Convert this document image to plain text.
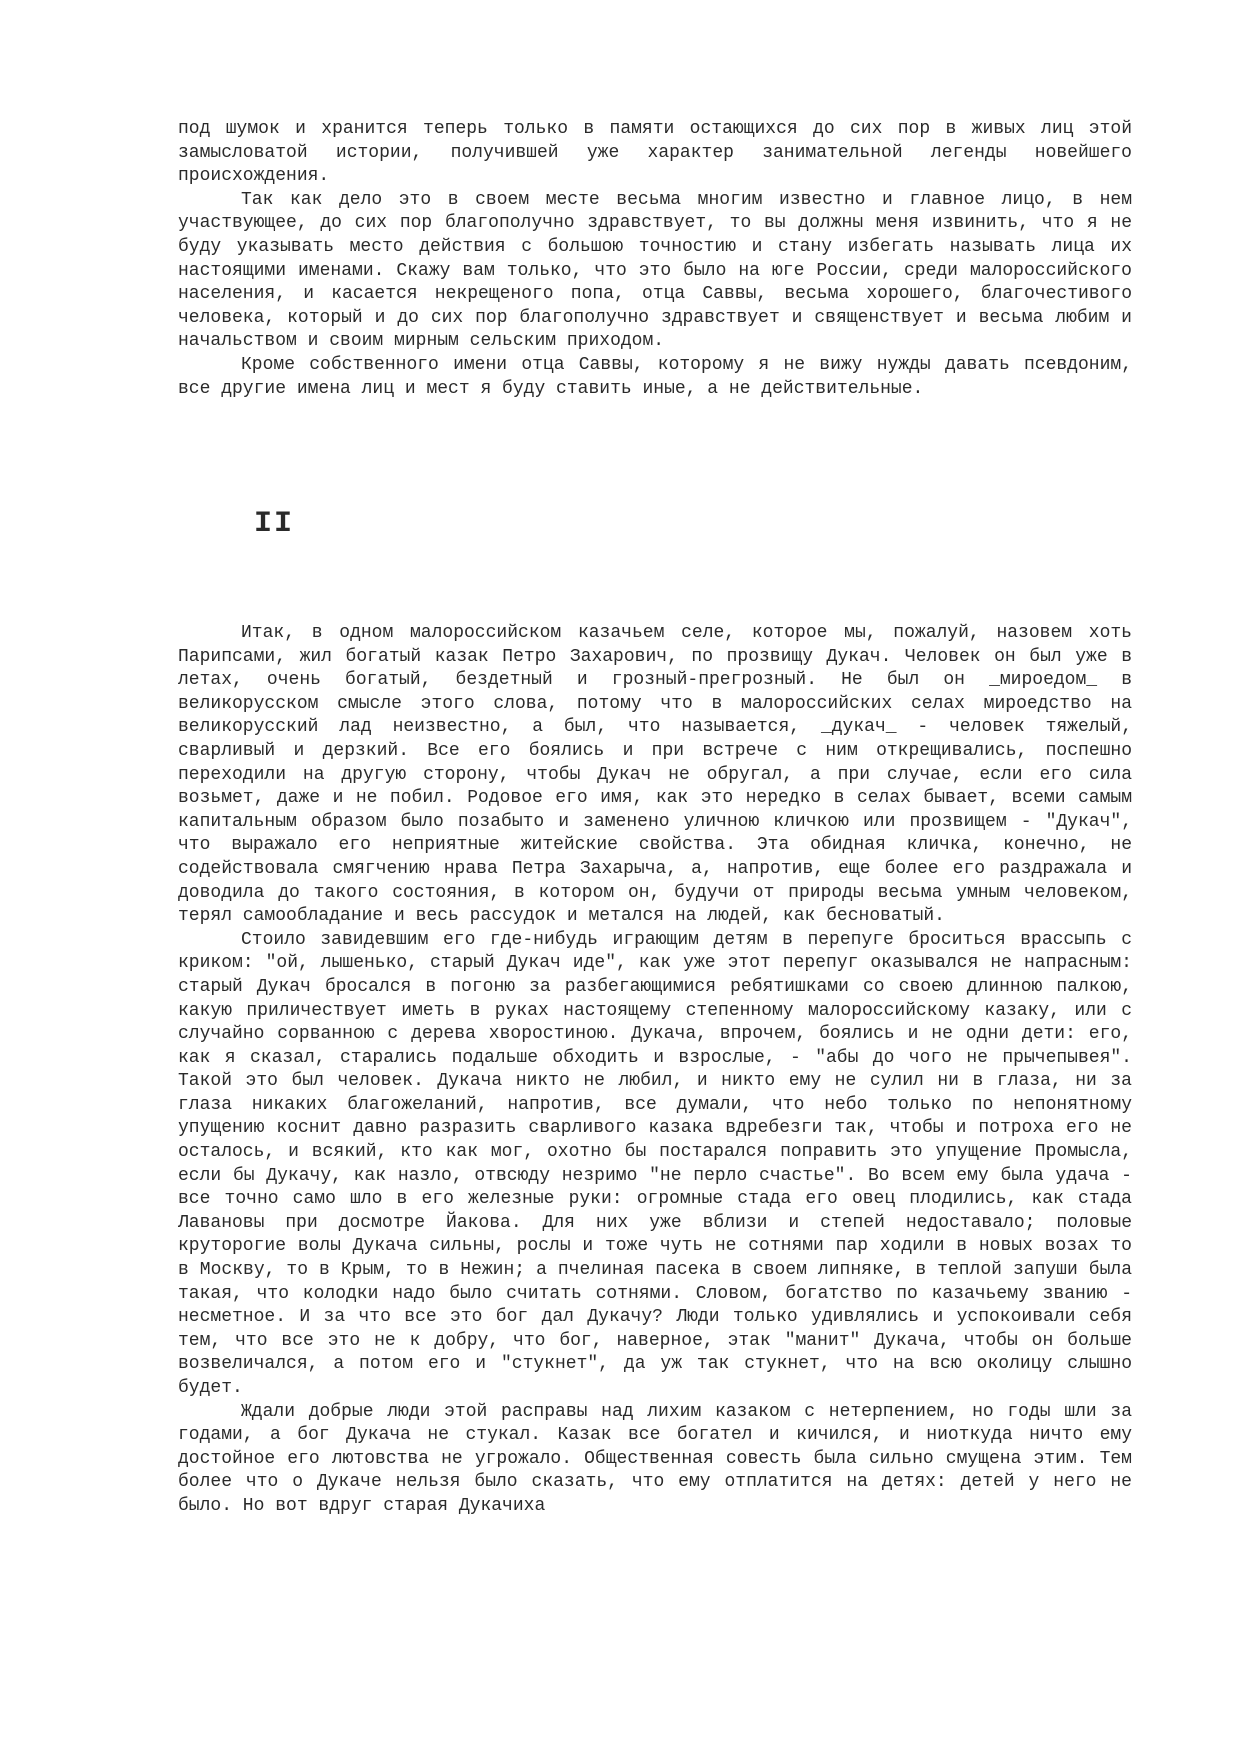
под шумок и хранится теперь только в памяти остающихся до сих пор в живых лиц этой замысловатой истории, получившей уже характер занимательной легенды новейшего происхождения.

Так как дело это в своем месте весьма многим известно и главное лицо, в нем участвующее, до сих пор благополучно здравствует, то вы должны меня извинить, что я не буду указывать место действия с большою точностию и стану избегать называть лица их настоящими именами. Скажу вам только, что это было на юге России, среди малороссийского населения, и касается некрещеного попа, отца Саввы, весьма хорошего, благочестивого человека, который и до сих пор благополучно здравствует и священствует и весьма любим и начальством и своим мирным сельским приходом.

Кроме собственного имени отца Саввы, которому я не вижу нужды давать псевдоним, все другие имена лиц и мест я буду ставить иные, а не действительные.

II

Итак, в одном малороссийском казачьем селе, которое мы, пожалуй, назовем хоть Парипсами, жил богатый казак Петро Захарович, по прозвищу Дукач. Человек он был уже в летах, очень богатый, бездетный и грозный-прегрозный. Не был он _мироедом_ в великорусском смысле этого слова, потому что в малороссийских селах мироедство на великорусский лад неизвестно, а был, что называется, _дукач_ - человек тяжелый, сварливый и дерзкий. Все его боялись и при встрече с ним открещивались, поспешно переходили на другую сторону, чтобы Дукач не обругал, а при случае, если его сила возьмет, даже и не побил. Родовое его имя, как это нередко в селах бывает, всеми самым капитальным образом было позабыто и заменено уличною кличкою или прозвищем - "Дукач", что выражало его неприятные житейские свойства. Эта обидная кличка, конечно, не содействовала смягчению нрава Петра Захарыча, а, напротив, еще более его раздражала и доводила до такого состояния, в котором он, будучи от природы весьма умным человеком, терял самообладание и весь рассудок и метался на людей, как бесноватый.

Стоило завидевшим его где-нибудь играющим детям в перепуге броситься врассыпь с криком: "ой, лышенько, старый Дукач иде", как уже этот перепуг оказывался не напрасным: старый Дукач бросался в погоню за разбегающимися ребятишками со своею длинною палкою, какую приличествует иметь в руках настоящему степенному малороссийскому казаку, или с случайно сорванною с дерева хворостиною. Дукача, впрочем, боялись и не одни дети: его, как я сказал, старались подальше обходить и взрослые, - "абы до чого не прычепывея". Такой это был человек. Дукача никто не любил, и никто ему не сулил ни в глаза, ни за глаза никаких благожеланий, напротив, все думали, что небо только по непонятному упущению коснит давно разразить сварливого казака вдребезги так, чтобы и потроха его не осталось, и всякий, кто как мог, охотно бы постарался поправить это упущение Промысла, если бы Дукачу, как назло, отвсюду незримо "не перло счастье". Во всем ему была удача - все точно само шло в его железные руки: огромные стада его овец плодились, как стада Лавановы при досмотре Йакова. Для них уже вблизи и степей недоставало; половые круторогие волы Дукача сильны, рослы и тоже чуть не сотнями пар ходили в новых возах то в Москву, то в Крым, то в Нежин; а пчелиная пасека в своем липняке, в теплой запуши была такая, что колодки надо было считать сотнями. Словом, богатство по казачьему званию - несметное. И за что все это бог дал Дукачу? Люди только удивлялись и успокоивали себя тем, что все это не к добру, что бог, наверное, этак "манит" Дукача, чтобы он больше возвеличался, а потом его и "стукнет", да уж так стукнет, что на всю околицу слышно будет.

Ждали добрые люди этой расправы над лихим казаком с нетерпением, но годы шли за годами, а бог Дукача не стукал. Казак все богател и кичился, и ниоткуда ничто ему достойное его лютовства не угрожало. Общественная совесть была сильно смущена этим. Тем более что о Дукаче нельзя было сказать, что ему отплатится на детях: детей у него не было. Но вот вдруг старая Дукачиха
